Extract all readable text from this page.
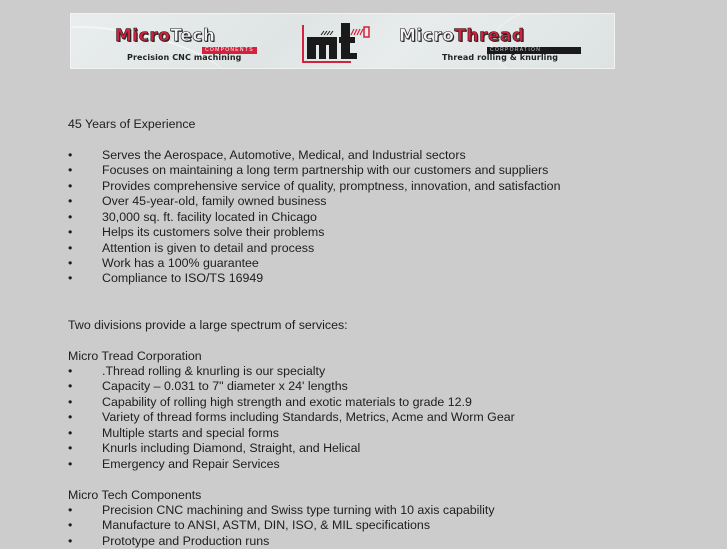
MicroTech
COMPONENTS
Precision CNC machining
MicroThread
CORPORATION
Thread rolling & knurling
45 Years of Experience
•	Serves the Aerospace, Automotive, Medical, and Industrial sectors
•	Focuses on maintaining a long term partnership with our customers and suppliers
•	Provides comprehensive service of quality, promptness, innovation, and satisfaction
•	Over 45-year-old, family owned business
•	30,000 sq. ft. facility located in Chicago
•	Helps its customers solve their problems
•	Attention is given to detail and process
•	Work has a 100% guarantee
•	Compliance to ISO/TS 16949
Two divisions provide a large spectrum of services:
Micro Tread Corporation
•	.Thread rolling & knurling is our specialty
•	Capacity – 0.031 to 7" diameter x 24' lengths
•	Capability of rolling high strength and exotic materials to grade 12.9
•	Variety of thread forms including Standards, Metrics, Acme and Worm Gear
•	Multiple starts and special forms
•	Knurls including Diamond, Straight, and Helical
•	Emergency and Repair Services
Micro Tech Components
•	Precision CNC machining and Swiss type turning with 10 axis capability
•	Manufacture to ANSI, ASTM, DIN, ISO, & MIL specifications
•	Prototype and Production runs
